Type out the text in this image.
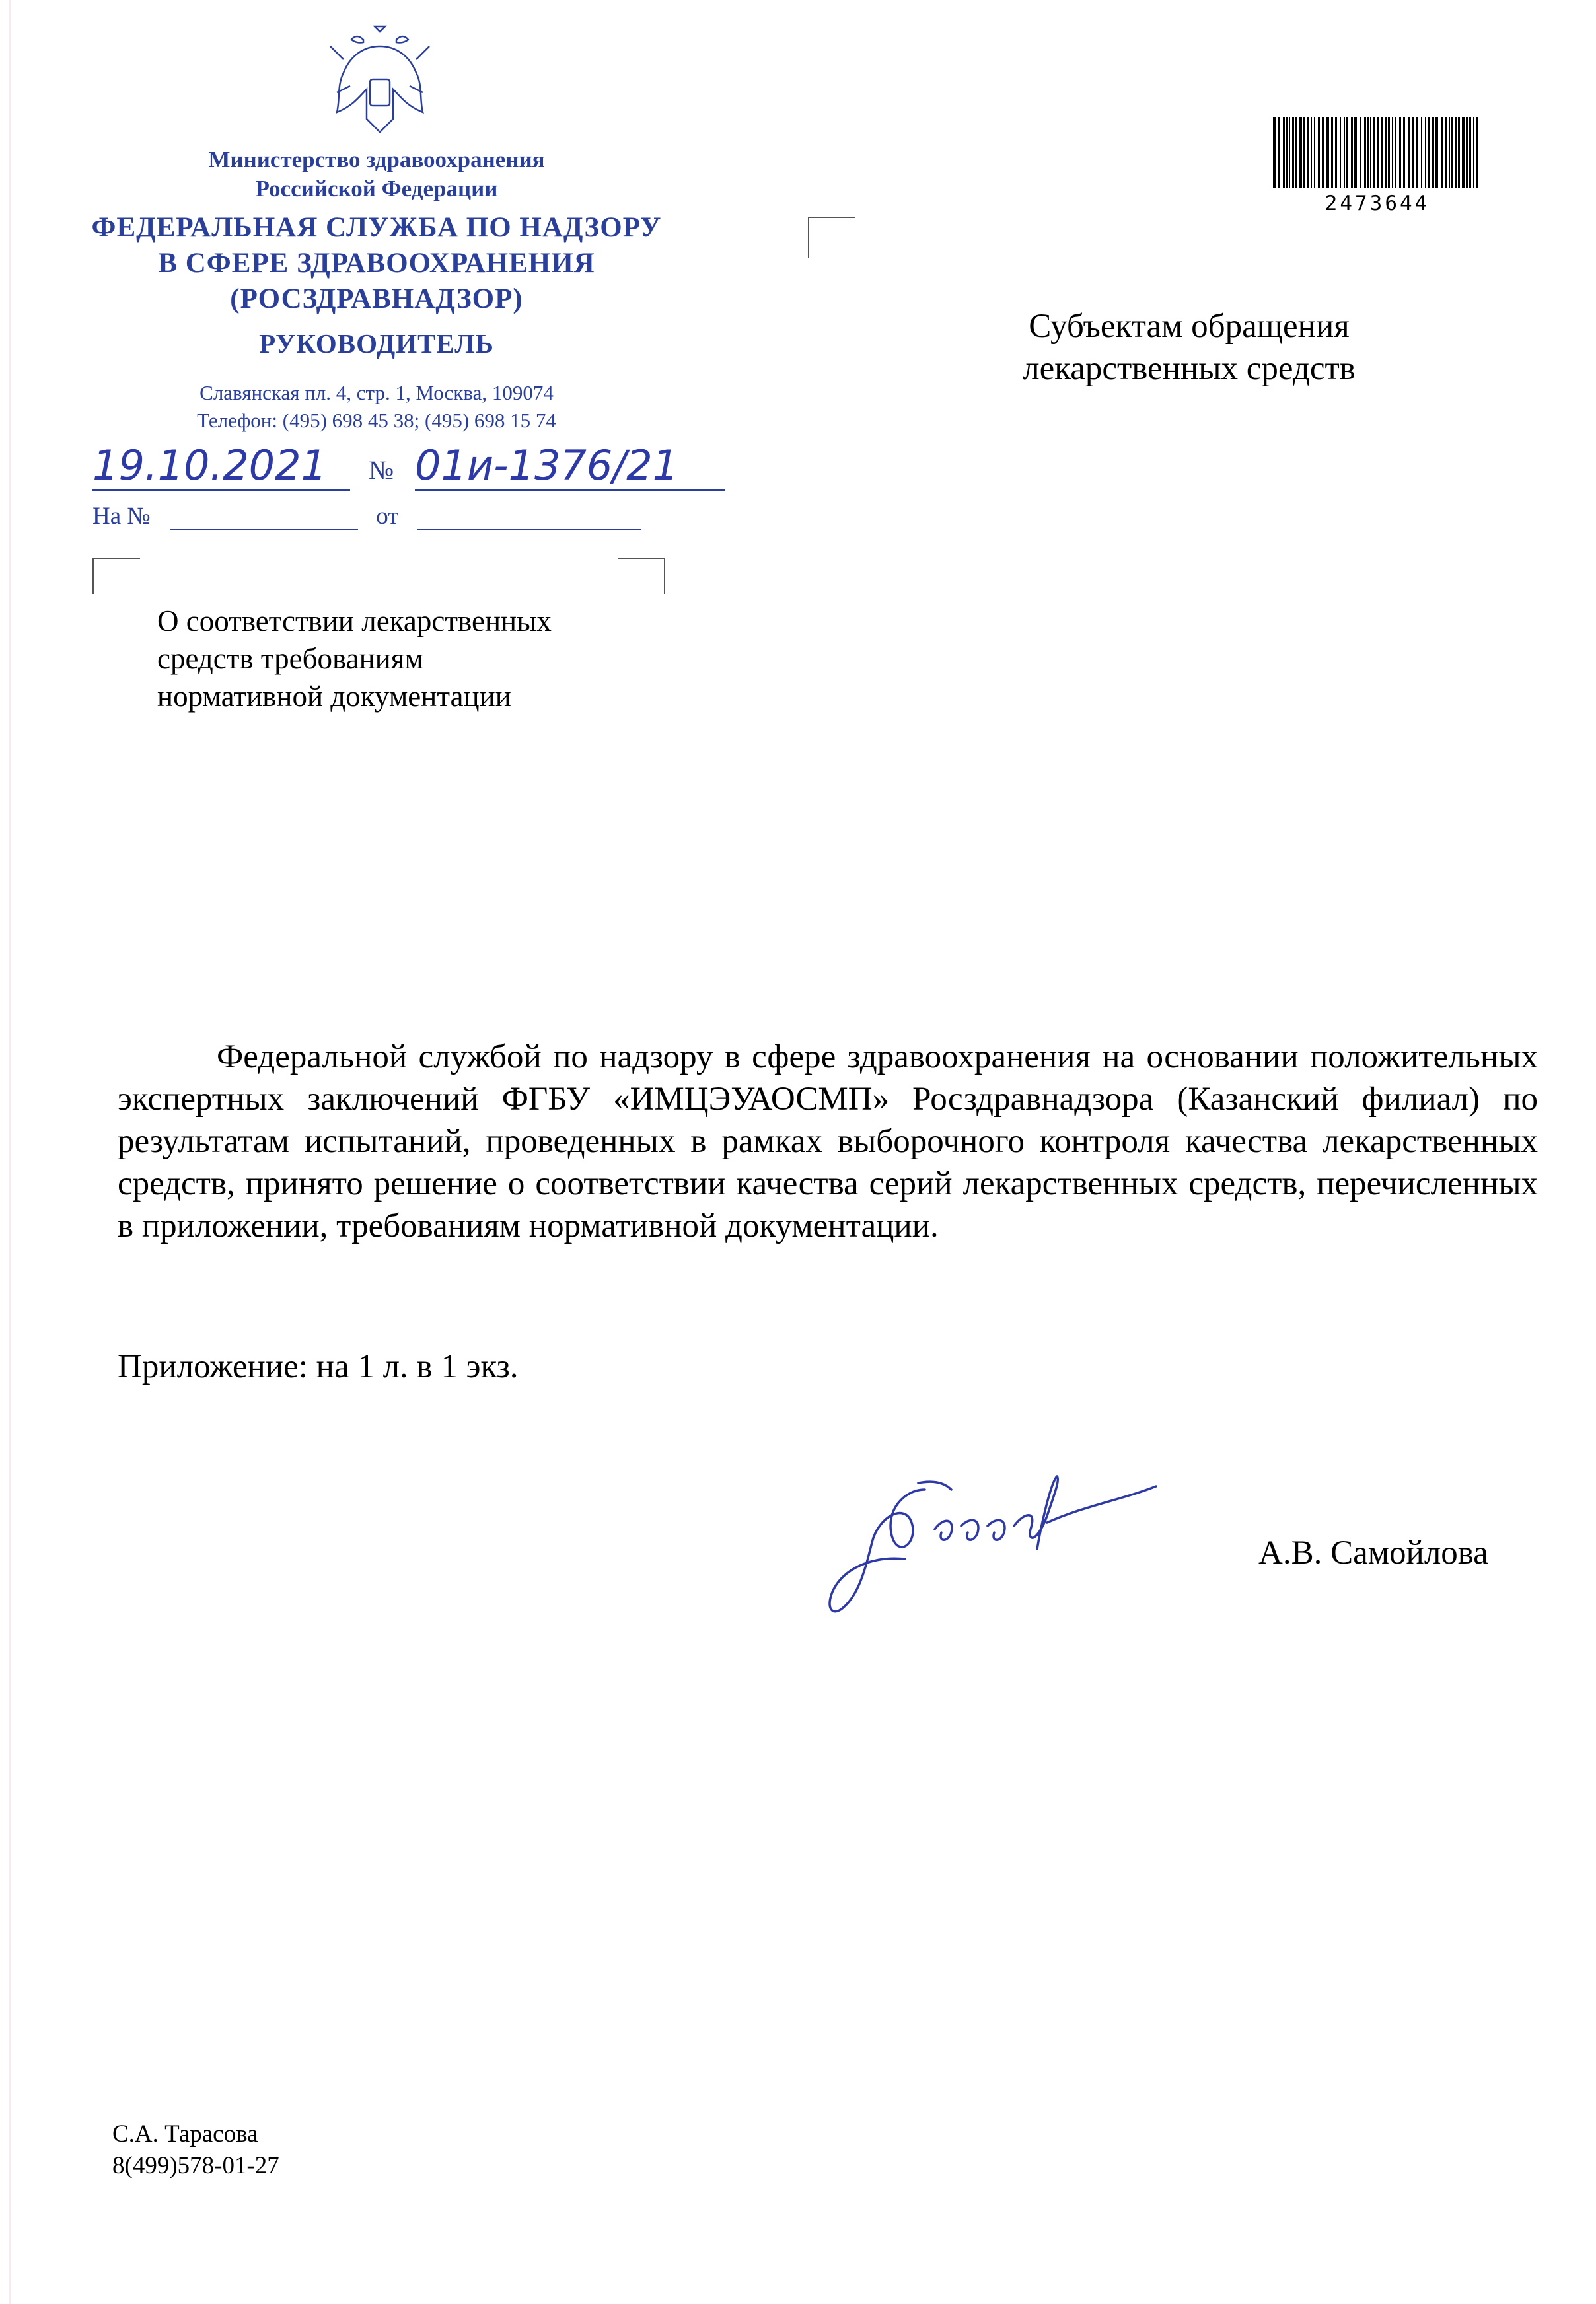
Министерство здравоохранения
Российской Федерации
ФЕДЕРАЛЬНАЯ СЛУЖБА ПО НАДЗОРУ
В СФЕРЕ ЗДРАВООХРАНЕНИЯ
(РОСЗДРАВНАДЗОР)
РУКОВОДИТЕЛЬ
Славянская пл. 4, стр. 1, Москва, 109074
Телефон: (495) 698 45 38; (495) 698 15 74
19.10.2021	№ 01и-1376/21
На №	от
О соответствии лекарственных
средств требованиям
нормативной документации
2473644
Субъектам обращения
лекарственных средств

Федеральной службой по надзору в сфере здравоохранения на основании положительных экспертных заключений ФГБУ «ИМЦЭУАОСМП» Росздравнадзора (Казанский филиал) по результатам испытаний, проведенных в рамках выборочного контроля качества лекарственных средств, принято решение о соответствии качества серий лекарственных средств, перечисленных в приложении, требованиям нормативной документации.

Приложение: на 1 л. в 1 экз.
А.В. Самойлова
С.А. Тарасова
8(499)578-01-27
